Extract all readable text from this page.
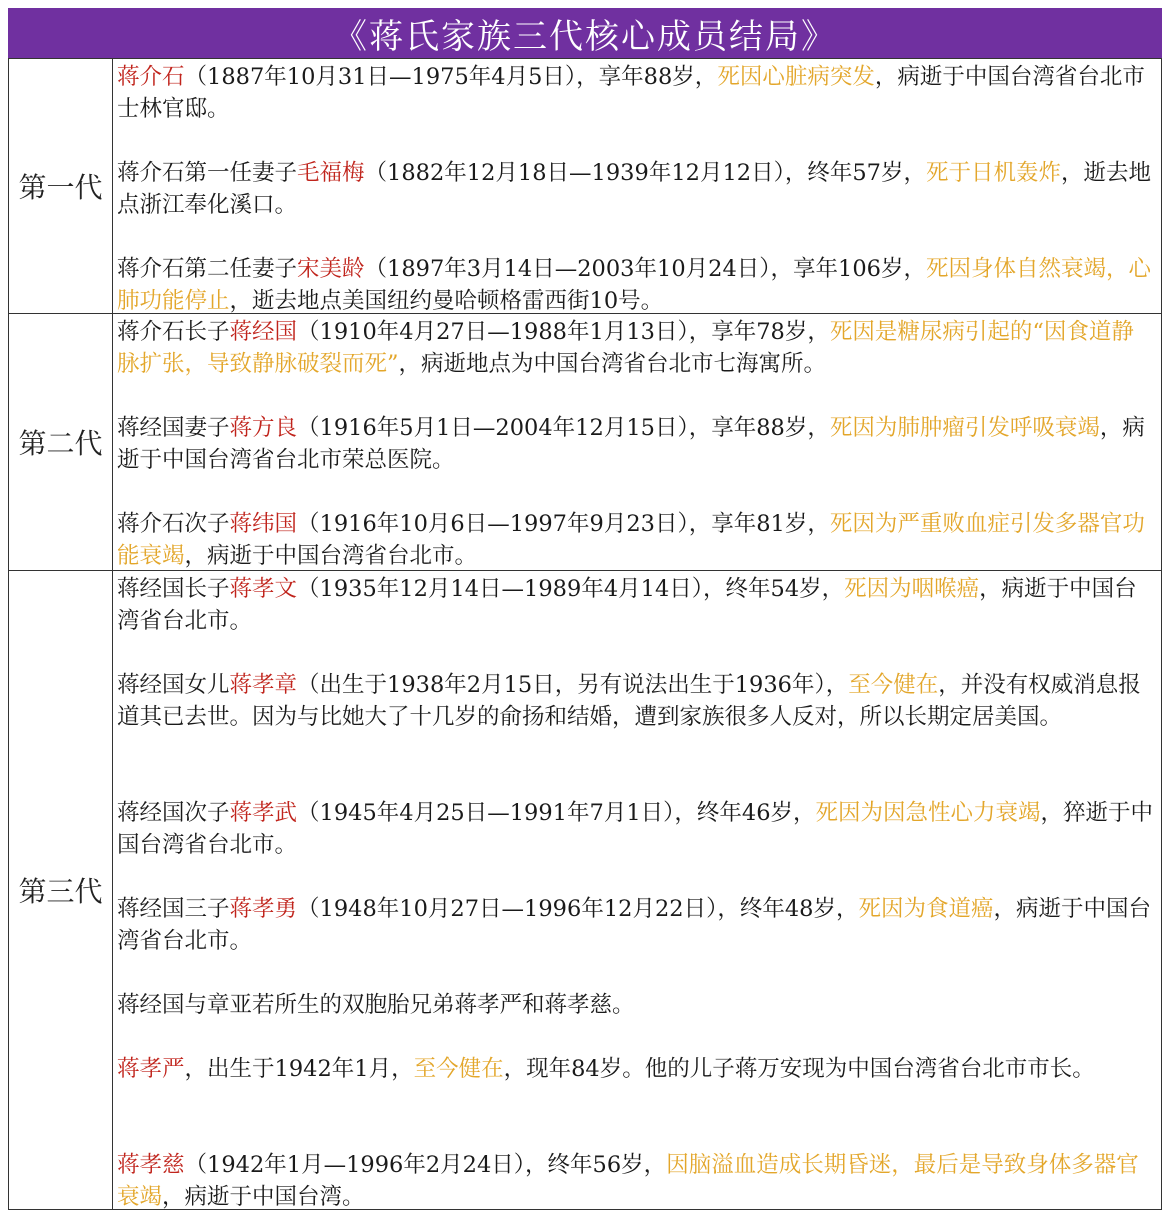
《蒋氏家族三代核心成员结局》
第一代
蒋介石（1887年10月31日—1975年4月5日），享年88岁，死因心脏病突发，病逝于中国台湾省台北市士林官邸。
蒋介石第一任妻子毛福梅（1882年12月18日—1939年12月12日），终年57岁，死于日机轰炸，逝去地点浙江奉化溪口。
蒋介石第二任妻子宋美龄（1897年3月14日—2003年10月24日），享年106岁，死因身体自然衰竭，心肺功能停止，逝去地点美国纽约曼哈顿格雷西街10号。
第二代
蒋介石长子蒋经国（1910年4月27日—1988年1月13日），享年78岁，死因是糖尿病引起的“因食道静脉扩张，导致静脉破裂而死”，病逝地点为中国台湾省台北市七海寓所。
蒋经国妻子蒋方良（1916年5月1日—2004年12月15日），享年88岁，死因为肺肿瘤引发呼吸衰竭，病逝于中国台湾省台北市荣总医院。
蒋介石次子蒋纬国（1916年10月6日—1997年9月23日），享年81岁，死因为严重败血症引发多器官功能衰竭，病逝于中国台湾省台北市。
第三代
蒋经国长子蒋孝文（1935年12月14日—1989年4月14日），终年54岁，死因为咽喉癌，病逝于中国台湾省台北市。
蒋经国女儿蒋孝章（出生于1938年2月15日，另有说法出生于1936年），至今健在，并没有权威消息报道其已去世。因为与比她大了十几岁的俞扬和结婚，遭到家族很多人反对，所以长期定居美国。
蒋经国次子蒋孝武（1945年4月25日—1991年7月1日），终年46岁，死因为因急性心力衰竭，猝逝于中国台湾省台北市。
蒋经国三子蒋孝勇（1948年10月27日—1996年12月22日），终年48岁，死因为食道癌，病逝于中国台湾省台北市。
蒋经国与章亚若所生的双胞胎兄弟蒋孝严和蒋孝慈。
蒋孝严，出生于1942年1月，至今健在，现年84岁。他的儿子蒋万安现为中国台湾省台北市市长。
蒋孝慈（1942年1月—1996年2月24日），终年56岁，因脑溢血造成长期昏迷，最后是导致身体多器官衰竭，病逝于中国台湾。
